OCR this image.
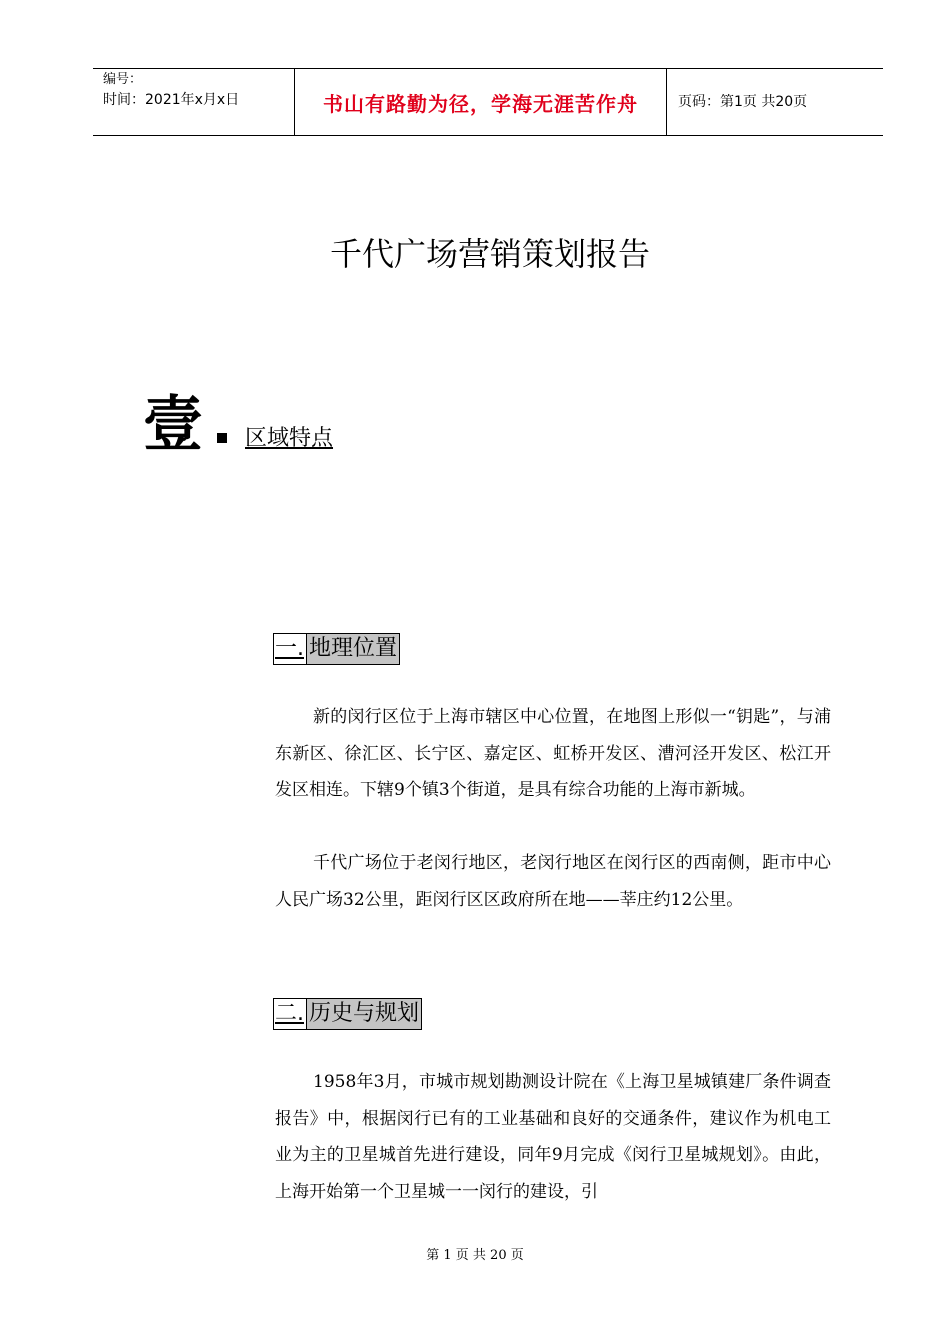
编号：
时间：2021年x月x日	书山有路勤为径，学海无涯苦作舟	页码：第1页 共20页
千代广场营销策划报告
壹 区域特点
一. 地理位置

新的闵行区位于上海市辖区中心位置，在地图上形似一“钥匙”，与浦东新区、徐汇区、长宁区、嘉定区、虹桥开发区、漕河泾开发区、松江开发区相连。下辖9个镇3个街道，是具有综合功能的上海市新城。

千代广场位于老闵行地区，老闵行地区在闵行区的西南侧，距市中心人民广场32公里，距闵行区区政府所在地——莘庄约12公里。

二. 历史与规划

1958年3月，市城市规划勘测设计院在《上海卫星城镇建厂条件调查报告》中，根据闵行已有的工业基础和良好的交通条件，建议作为机电工业为主的卫星城首先进行建设，同年9月完成《闵行卫星城规划》。由此，上海开始第一个卫星城一一闵行的建设，引

第 1 页 共 20 页
